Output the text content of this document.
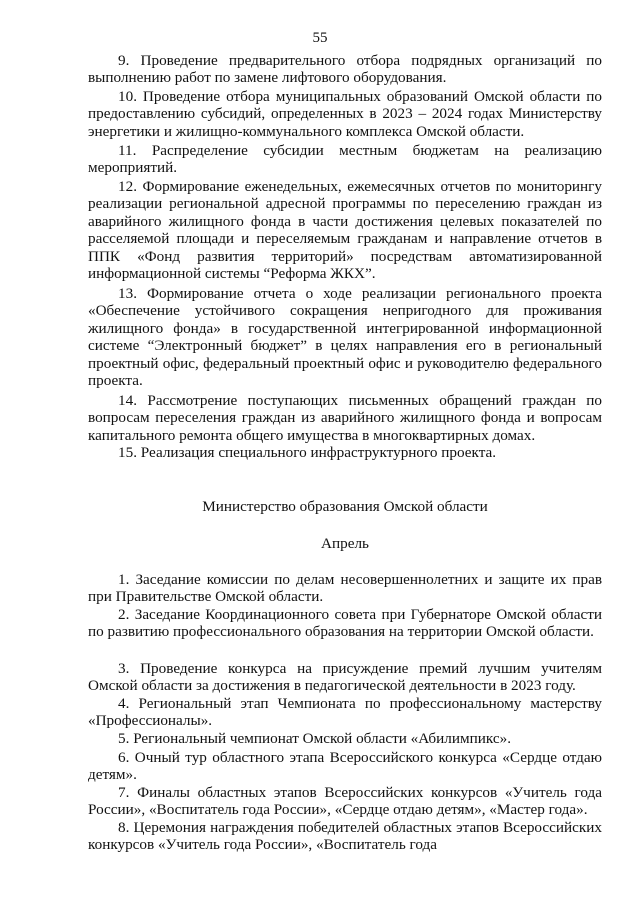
55

9. Проведение предварительного отбора подрядных организаций по выполнению работ по замене лифтового оборудования.

10. Проведение отбора муниципальных образований Омской области по предоставлению субсидий, определенных в 2023 – 2024 годах Министерству энергетики и жилищно-коммунального комплекса Омской области.

11. Распределение субсидии местным бюджетам на реализацию мероприятий.

12. Формирование еженедельных, ежемесячных отчетов по мониторингу реализации региональной адресной программы по переселению граждан из аварийного жилищного фонда в части достижения целевых показателей по расселяемой площади и переселяемым гражданам и направление отчетов в ППК «Фонд развития территорий» посредствам автоматизированной информационной системы “Реформа ЖКХ”.

13. Формирование отчета о ходе реализации регионального проекта «Обеспечение устойчивого сокращения непригодного для проживания жилищного фонда» в государственной интегрированной информационной системе “Электронный бюджет” в целях направления его в региональный проектный офис, федеральный проектный офис и руководителю федерального проекта.

14. Рассмотрение поступающих письменных обращений граждан по вопросам переселения граждан из аварийного жилищного фонда и вопросам капитального ремонта общего имущества в многоквартирных домах.

15. Реализация специального инфраструктурного проекта.

Министерство образования Омской области
Апрель

1. Заседание комиссии по делам несовершеннолетних и защите их прав при Правительстве Омской области.

2. Заседание Координационного совета при Губернаторе Омской области по развитию профессионального образования на территории Омской области.

3. Проведение конкурса на присуждение премий лучшим учителям Омской области за достижения в педагогической деятельности в 2023 году.

4. Региональный этап Чемпионата по профессиональному мастерству «Профессионалы».

5. Региональный чемпионат Омской области «Абилимпикс».

6. Очный тур областного этапа Всероссийского конкурса «Сердце отдаю детям».

7. Финалы областных этапов Всероссийских конкурсов «Учитель года России», «Воспитатель года России», «Сердце отдаю детям», «Мастер года».

8. Церемония награждения победителей областных этапов Всероссийских конкурсов «Учитель года России», «Воспитатель года
